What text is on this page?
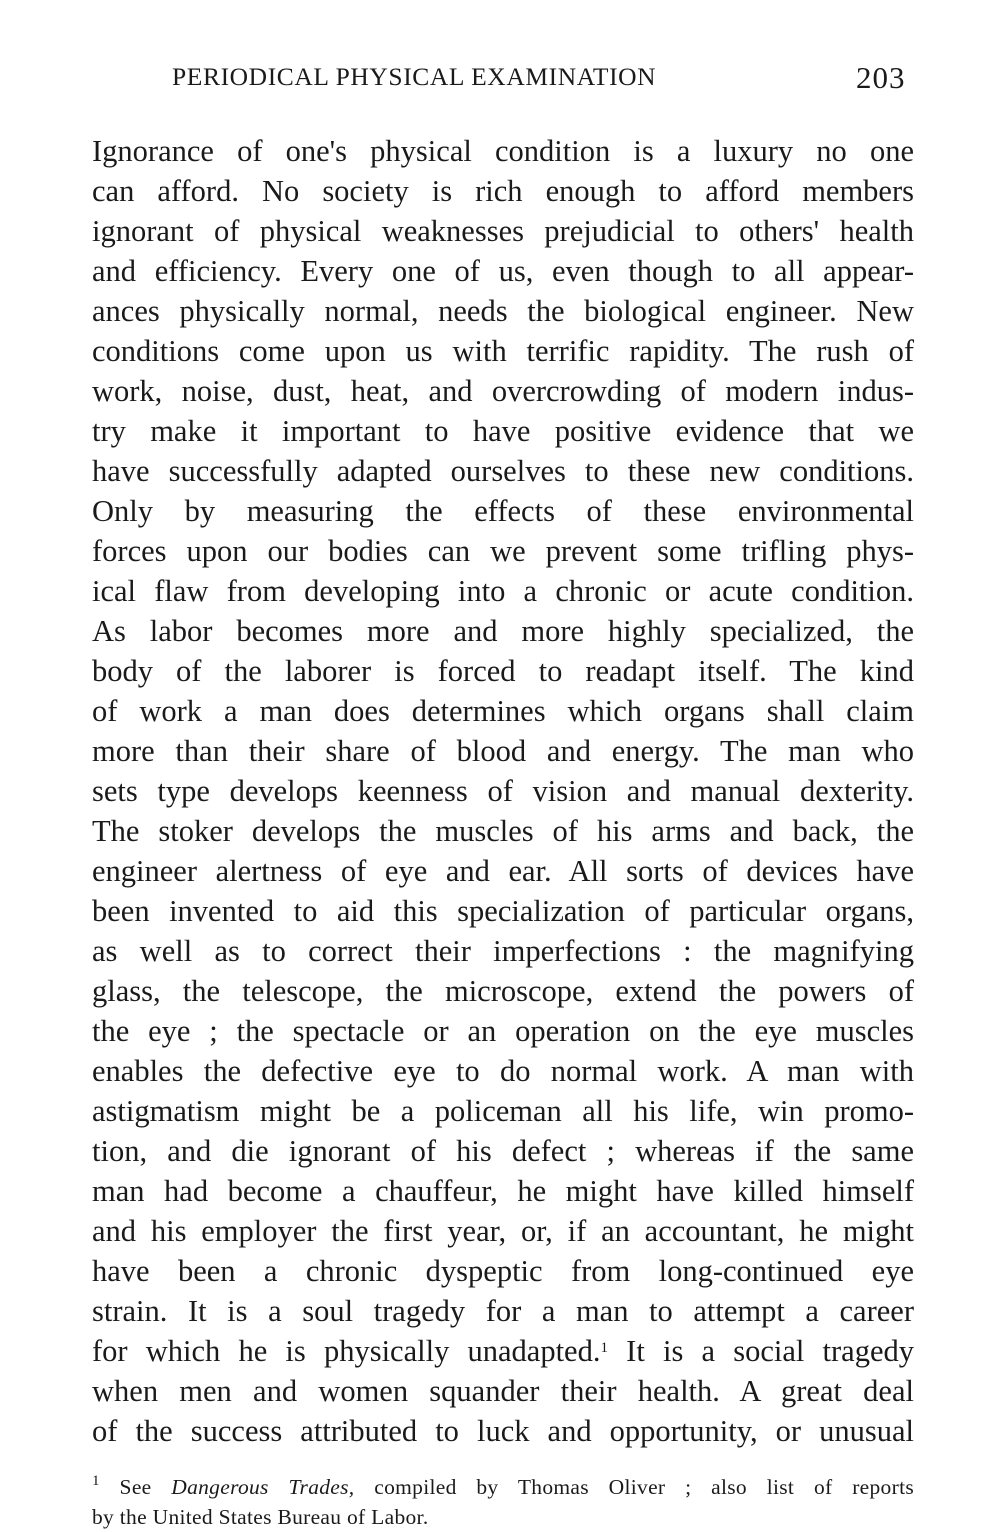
PERIODICAL PHYSICAL EXAMINATION	203
Ignorance of one's physical condition is a luxury no one
can afford. No society is rich enough to afford members
ignorant of physical weaknesses prejudicial to others' health
and efficiency. Every one of us, even though to all appear-
ances physically normal, needs the biological engineer. New
conditions come upon us with terrific rapidity. The rush of
work, noise, dust, heat, and overcrowding of modern indus-
try make it important to have positive evidence that we
have successfully adapted ourselves to these new conditions.
Only by measuring the effects of these environmental
forces upon our bodies can we prevent some trifling phys-
ical flaw from developing into a chronic or acute condition.
As labor becomes more and more highly specialized, the
body of the laborer is forced to readapt itself. The kind
of work a man does determines which organs shall claim
more than their share of blood and energy. The man who
sets type develops keenness of vision and manual dexterity.
The stoker develops the muscles of his arms and back, the
engineer alertness of eye and ear. All sorts of devices have
been invented to aid this specialization of particular organs,
as well as to correct their imperfections : the magnifying
glass, the telescope, the microscope, extend the powers of
the eye ; the spectacle or an operation on the eye muscles
enables the defective eye to do normal work. A man with
astigmatism might be a policeman all his life, win promo-
tion, and die ignorant of his defect ; whereas if the same
man had become a chauffeur, he might have killed himself
and his employer the first year, or, if an accountant, he might
have been a chronic dyspeptic from long-continued eye
strain. It is a soul tragedy for a man to attempt a career
for which he is physically unadapted.$^1$ It is a social tragedy
when men and women squander their health. A great deal
of the success attributed to luck and opportunity, or unusual
$^1$ See Dangerous Trades, compiled by Thomas Oliver ; also list of reports
by the United States Bureau of Labor.
